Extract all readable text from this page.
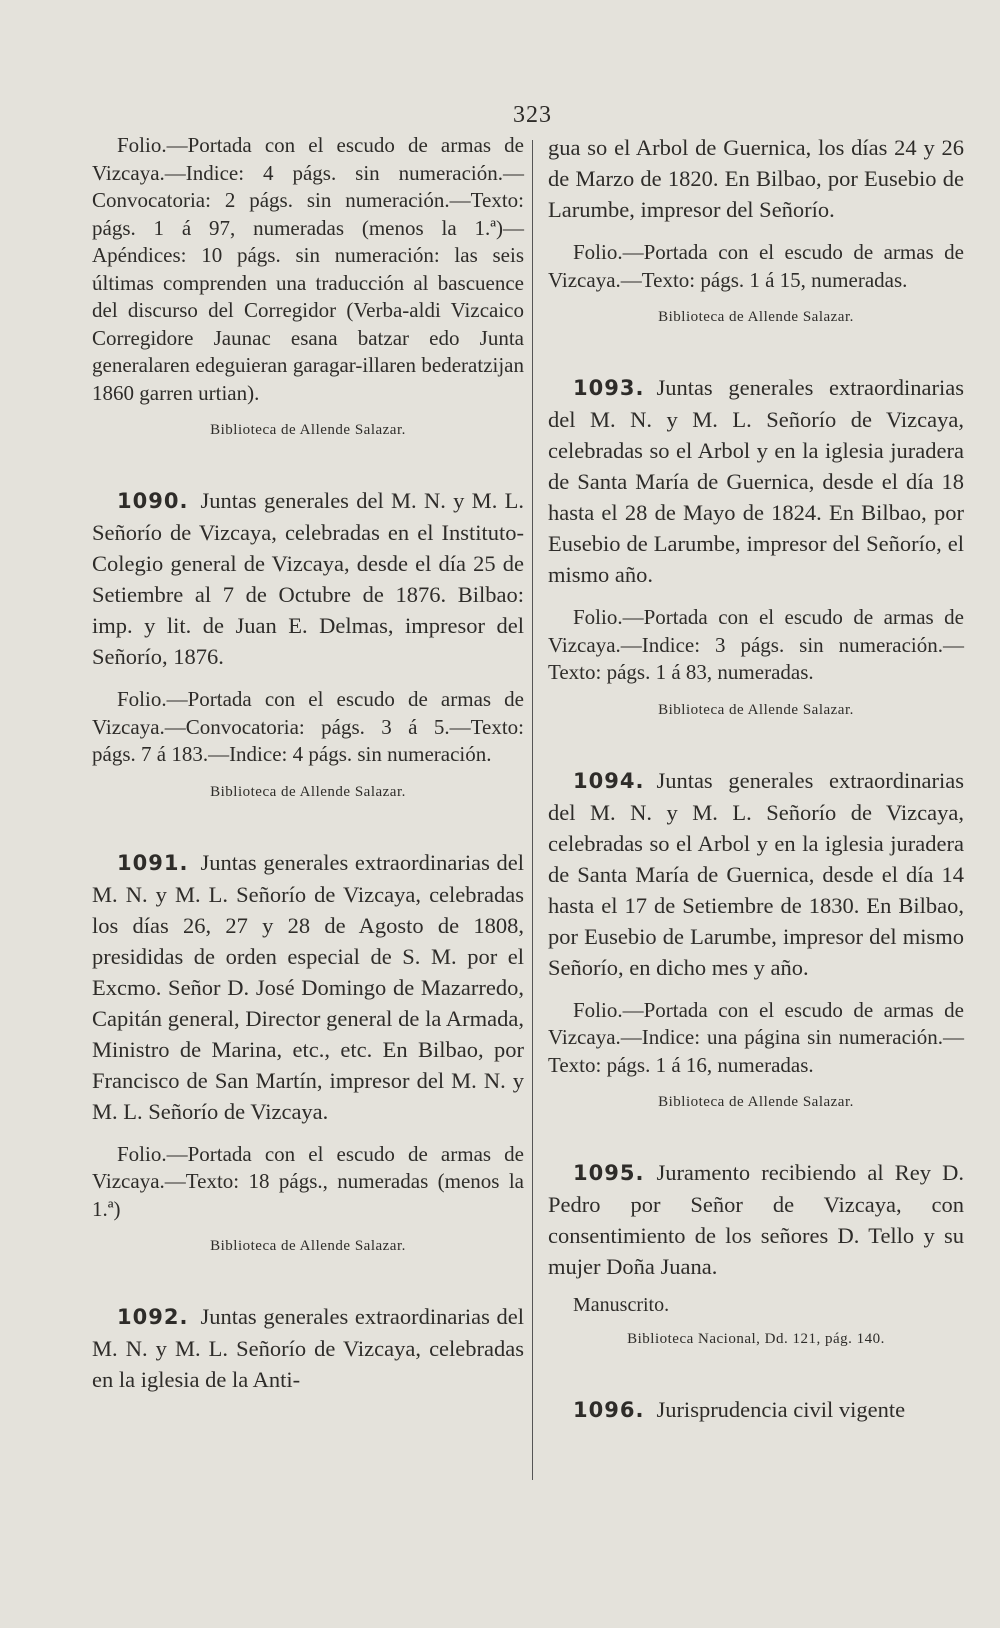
323

Folio.—Portada con el escudo de armas de Vizcaya.—Indice: 4 págs. sin numeración.—Convocatoria: 2 págs. sin numeración.—Texto: págs. 1 á 97, numeradas (menos la 1.ª)—Apéndices: 10 págs. sin numeración: las seis últimas comprenden una traducción al bascuence del discurso del Corregidor (Verba-aldi Vizcaico Corregidore Jaunac esana batzar edo Junta generalaren edeguieran garagar-illaren bederatzijan 1860 garren urtian).

Biblioteca de Allende Salazar.

1090. Juntas generales del M. N. y M. L. Señorío de Vizcaya, celebradas en el Instituto-Colegio general de Vizcaya, desde el día 25 de Setiembre al 7 de Octubre de 1876. Bilbao: imp. y lit. de Juan E. Delmas, impresor del Señorío, 1876.

Folio.—Portada con el escudo de armas de Vizcaya.—Convocatoria: págs. 3 á 5.—Texto: págs. 7 á 183.—Indice: 4 págs. sin numeración.

Biblioteca de Allende Salazar.

1091. Juntas generales extraordinarias del M. N. y M. L. Señorío de Vizcaya, celebradas los días 26, 27 y 28 de Agosto de 1808, presididas de orden especial de S. M. por el Excmo. Señor D. José Domingo de Mazarredo, Capitán general, Director general de la Armada, Ministro de Marina, etc., etc. En Bilbao, por Francisco de San Martín, impresor del M. N. y M. L. Señorío de Vizcaya.

Folio.—Portada con el escudo de armas de Vizcaya.—Texto: 18 págs., numeradas (menos la 1.ª)

Biblioteca de Allende Salazar.

1092. Juntas generales extraordinarias del M. N. y M. L. Señorío de Vizcaya, celebradas en la iglesia de la Anti-

gua so el Arbol de Guernica, los días 24 y 26 de Marzo de 1820. En Bilbao, por Eusebio de Larumbe, impresor del Señorío.

Folio.—Portada con el escudo de armas de Vizcaya.—Texto: págs. 1 á 15, numeradas.

Biblioteca de Allende Salazar.

1093. Juntas generales extraordinarias del M. N. y M. L. Señorío de Vizcaya, celebradas so el Arbol y en la iglesia juradera de Santa María de Guernica, desde el día 18 hasta el 28 de Mayo de 1824. En Bilbao, por Eusebio de Larumbe, impresor del Señorío, el mismo año.

Folio.—Portada con el escudo de armas de Vizcaya.—Indice: 3 págs. sin numeración.—Texto: págs. 1 á 83, numeradas.

Biblioteca de Allende Salazar.

1094. Juntas generales extraordinarias del M. N. y M. L. Señorío de Vizcaya, celebradas so el Arbol y en la iglesia juradera de Santa María de Guernica, desde el día 14 hasta el 17 de Setiembre de 1830. En Bilbao, por Eusebio de Larumbe, impresor del mismo Señorío, en dicho mes y año.

Folio.—Portada con el escudo de armas de Vizcaya.—Indice: una página sin numeración.—Texto: págs. 1 á 16, numeradas.

Biblioteca de Allende Salazar.

1095. Juramento recibiendo al Rey D. Pedro por Señor de Vizcaya, con consentimiento de los señores D. Tello y su mujer Doña Juana.

Manuscrito.

Biblioteca Nacional, Dd. 121, pág. 140.

1096. Jurisprudencia civil vigente
